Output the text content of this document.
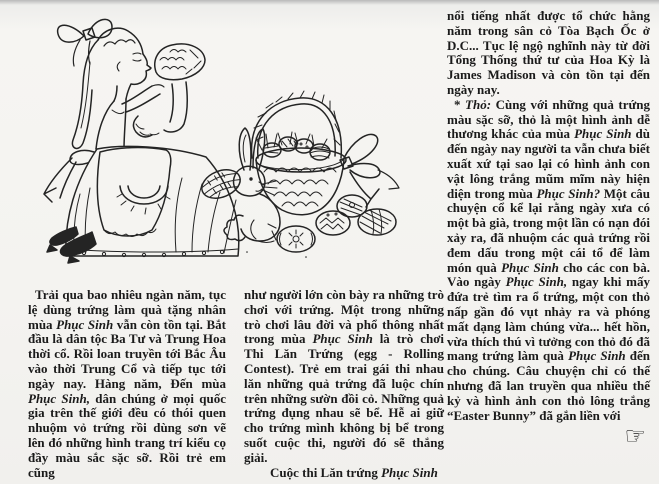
Trải qua bao nhiêu ngàn năm, tục lệ dùng trứng làm quà tặng nhân mùa Phục Sinh vẫn còn tồn tại. Bắt đầu là dân tộc Ba Tư và Trung Hoa thời cổ. Rồi loan truyền tới Bắc Âu vào thời Trung Cổ và tiếp tục tới ngày nay. Hàng năm, Đến mùa Phục Sinh, dân chúng ở mọi quốc gia trên thế giới đều có thói quen nhuộm vỏ trứng rồi dùng sơn vẽ lên đó những hình trang trí kiểu cọ đầy màu sắc sặc sỡ. Rồi trẻ em cũng

như người lớn còn bày ra những trò chơi với trứng. Một trong những trò chơi lâu đời và phổ thông nhất trong mùa Phục Sinh là trò chơi Thi Lăn Trứng (egg - Rolling Contest). Trẻ em trai gái thi nhau lăn những quả trứng đã luộc chín trên những sườn đồi cỏ. Những quả trứng đụng nhau sẽ bể. Hễ ai giữ cho trứng mình không bị bể trong suốt cuộc thi, người đó sẽ thắng giải.

Cuộc thi Lăn trứng Phục Sinh

nổi tiếng nhất được tổ chức hằng năm trong sân cỏ Tòa Bạch Ốc ở D.C... Tục lệ ngộ nghĩnh này từ đời Tổng Thống thứ tư của Hoa Kỳ là James Madison và còn tồn tại đến ngày nay.

* Thỏ: Cùng với những quả trứng màu sặc sỡ, thỏ là một hình ảnh dễ thương khác của mùa Phục Sinh dù đến ngày nay người ta vẫn chưa biết xuất xứ tại sao lại có hình ảnh con vật lông trắng mũm mĩm này hiện diện trong mùa Phục Sinh? Một câu chuyện cổ kể lại rằng ngày xưa có một bà già, trong một lần có nạn đói xảy ra, đã nhuộm các quả trứng rồi đem dấu trong một cái tổ để làm món quà Phục Sinh cho các con bà. Vào ngày Phục Sinh, ngay khi mấy đứa trẻ tìm ra ổ trứng, một con thỏ nấp gần đó vụt nhảy ra và phóng mất dạng làm chúng vừa... hết hồn, vừa thích thú vì tưởng con thỏ đó đã mang trứng làm quà Phục Sinh đến cho chúng. Câu chuyện chỉ có thế nhưng đã lan truyền qua nhiều thế kỷ và hình ảnh con thỏ lông trắng “Easter Bunny” đã gắn liền với

☞
